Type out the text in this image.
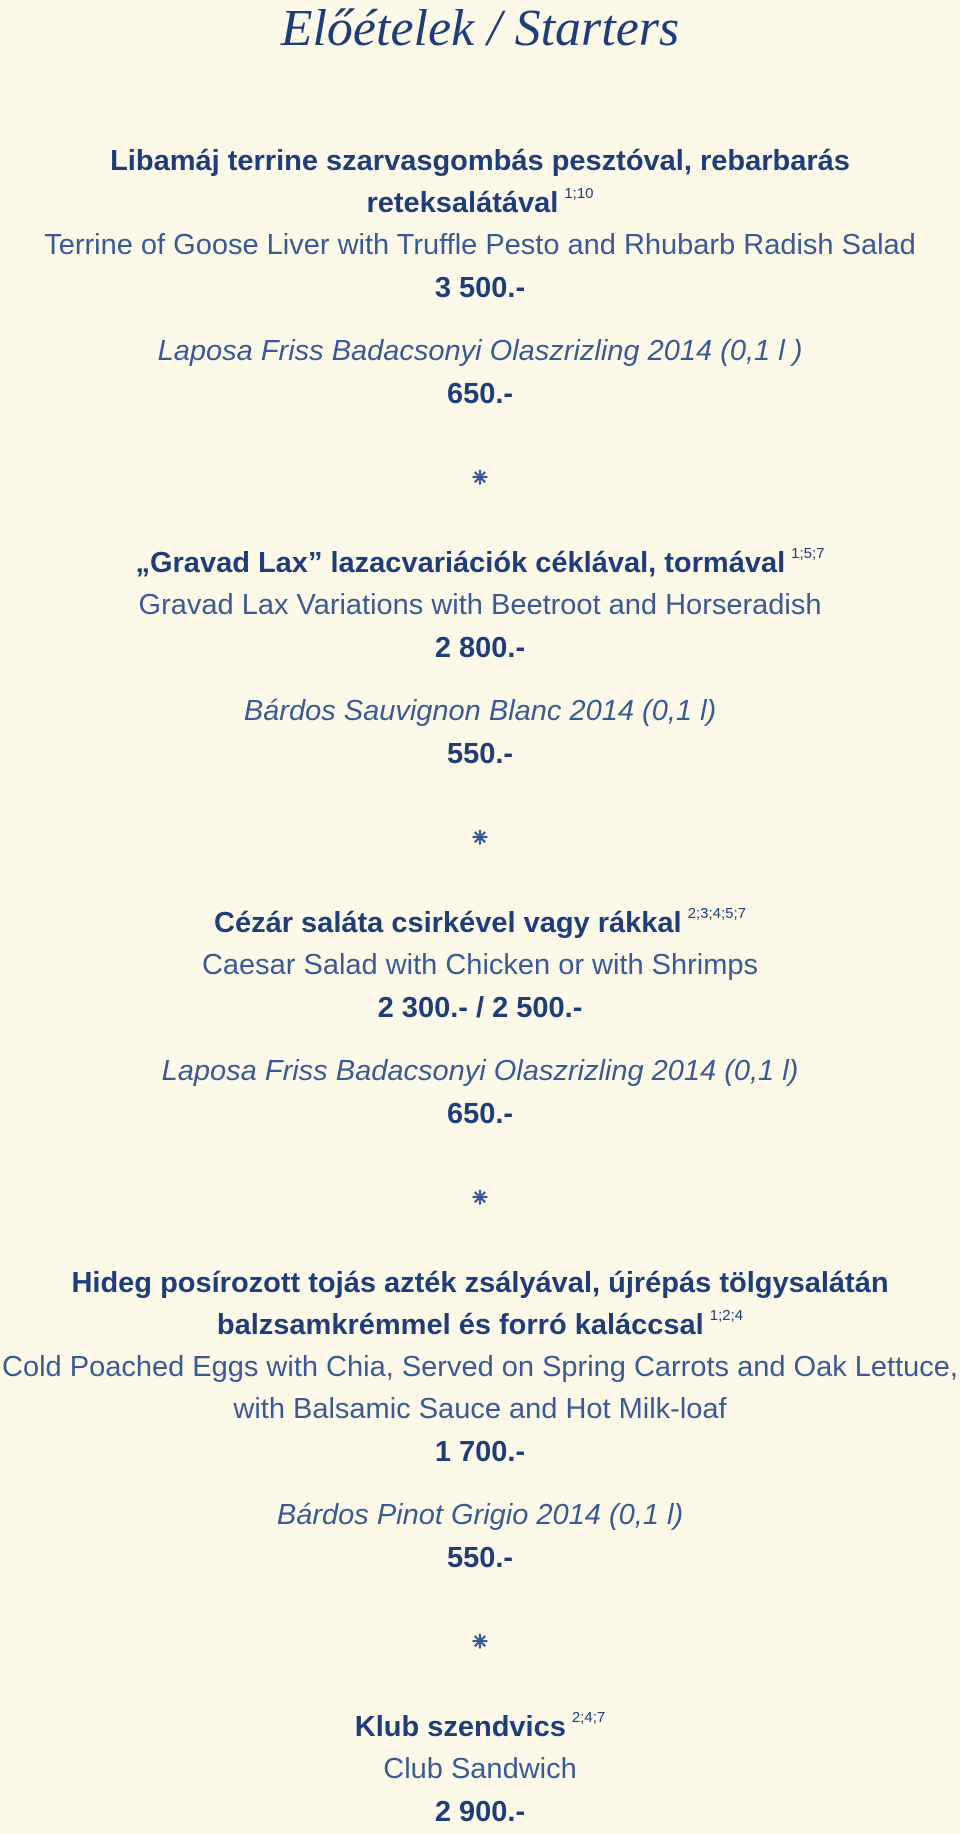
Előételek / Starters
Libamáj terrine szarvasgombás pesztóval, rebarbarás reteksalátával $^{1;10}$
Terrine of Goose Liver with Truffle Pesto and Rhubarb Radish Salad
3 500.-
Laposa Friss Badacsonyi Olaszrizling 2014 (0,1 l )
650.-
⁕
„Gravad Lax” lazacvariációk céklával, tormával $^{1;5;7}$
Gravad Lax Variations with Beetroot and Horseradish
2 800.-
Bárdos Sauvignon Blanc 2014 (0,1 l)
550.-
⁕
Cézár saláta csirkével vagy rákkal $^{2;3;4;5;7}$
Caesar Salad with Chicken or with Shrimps
2 300.- / 2 500.-
Laposa Friss Badacsonyi Olaszrizling 2014 (0,1 l)
650.-
⁕
Hideg posírozott tojás azték zsályával, újrépás tölgysalátán
balzsamkrémmel és forró kaláccsal $^{1;2;4}$
Cold Poached Eggs with Chia, Served on Spring Carrots and Oak Lettuce,
with Balsamic Sauce and Hot Milk-loaf
1 700.-
Bárdos Pinot Grigio 2014 (0,1 l)
550.-
⁕
Klub szendvics $^{2;4;7}$
Club Sandwich
2 900.-
